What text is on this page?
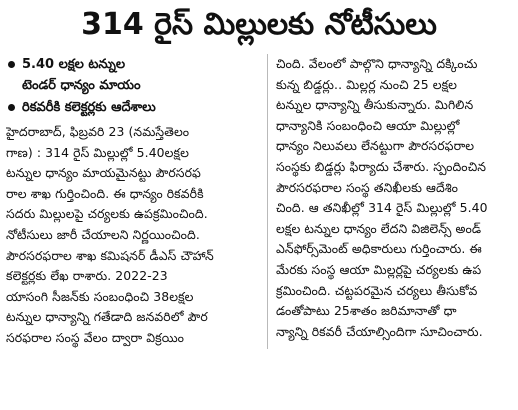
314 రైస్ మిల్లులకు నోటీసులు
5.40 లక్షల టన్నుల
టెండర్ ధాన్యం మాయం
రికవరీకి కలెక్టర్లకు ఆదేశాలు
హైదరాబాద్, ఫిబ్రవరి 23 (నమస్తేతెలం
గాణ) : 314 రైస్ మిల్లుల్లో 5.40లక్షల
టన్నుల ధాన్యం మాయమైనట్టు పౌరసరఫ
రాల శాఖ గుర్తించింది. ఈ ధాన్యం రికవరీకి
సదరు మిల్లులపై చర్యలకు ఉపక్రమించింది.
నోటీసులు జారీ చేయాలని నిర్ణయించింది.
పౌరసరఫరాల శాఖ కమిషనర్ డీఎస్ చౌహాన్
కలెక్టర్లకు లేఖ రాశారు. 2022-23
యాసంగి సీజన్‌కు సంబంధించి 38లక్షల
టన్నుల ధాన్యాన్ని గతేడాది జనవరిలో పౌర
సరఫరాల సంస్థ వేలం ద్వారా విక్రయిం
చింది. వేలంలో పాల్గొని ధాన్యాన్ని దక్కించు
కున్న బిడ్డర్లు.. మిల్లర్ల నుంచి 25 లక్షల
టన్నుల ధాన్యాన్ని తీసుకున్నారు. మిగిలిన
ధాన్యానికి సంబంధించి ఆయా మిల్లుల్లో
ధాన్యం నిలువలు లేనట్టుగా పౌరసరఫరాల
సంస్థకు బిడ్డర్లు ఫిర్యాదు చేశారు. స్పందించిన
పౌరసరఫరాల సంస్థ తనిఖీలకు ఆదేశిం
చింది. ఆ తనిఖీల్లో 314 రైస్ మిల్లుల్లో 5.40
లక్షల టన్నుల ధాన్యం లేదని విజిలెన్స్ అండ్
ఎన్‌ఫోర్స్‌మెంట్ అధికారులు గుర్తించారు. ఈ
మేరకు సంస్థ ఆయా మిల్లర్లపై చర్యలకు ఉప
క్రమించింది. చట్టపరమైన చర్యలు తీసుకోవ
డంతోపాటు 25శాతం జరిమానాతో ధా
న్యాన్ని రికవరీ చేయాల్సిందిగా సూచించారు.
